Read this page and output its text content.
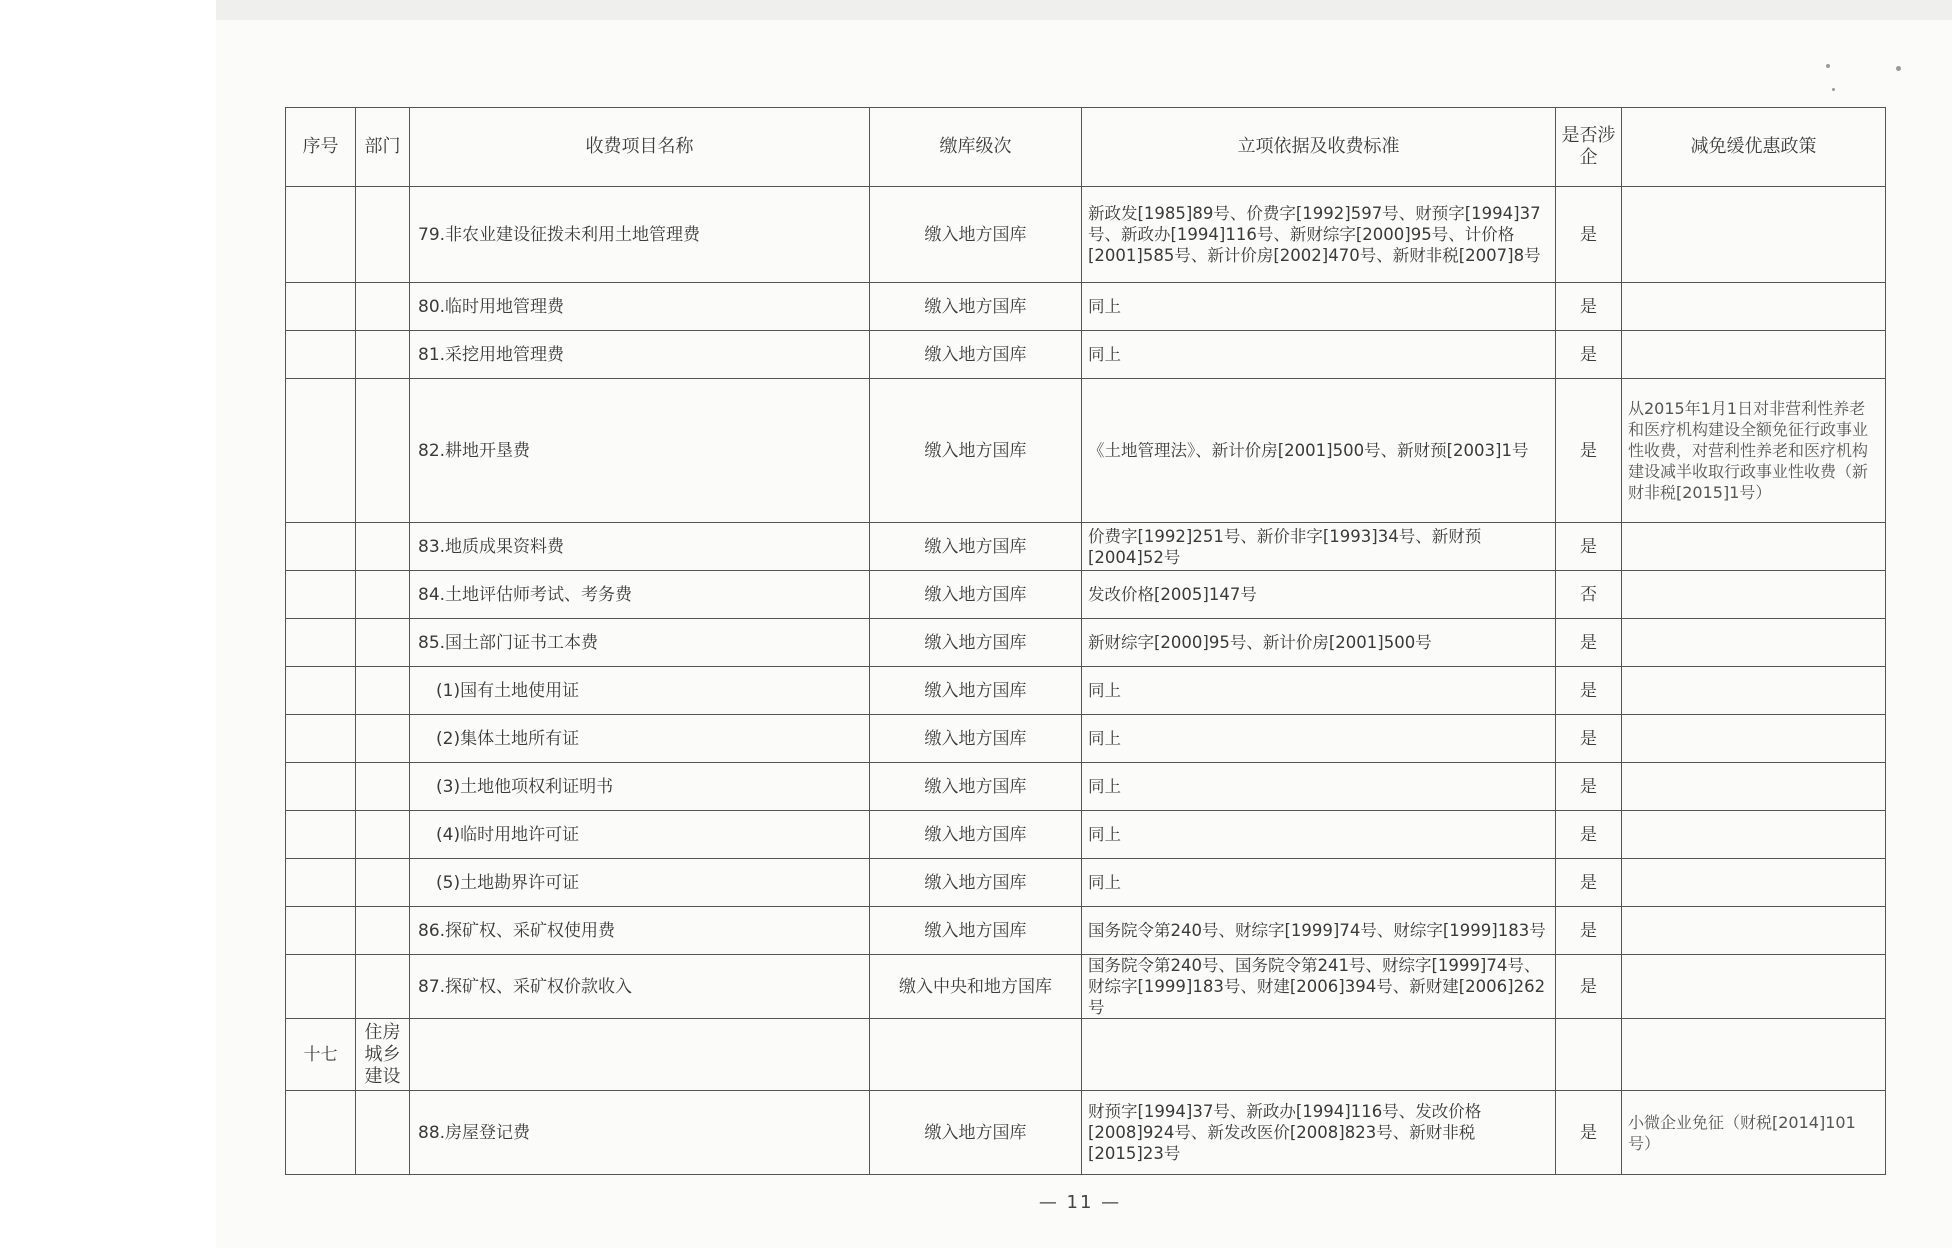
序号	部门	收费项目名称	缴库级次	立项依据及收费标准	是否涉企	减免缓优惠政策
		79.非农业建设征拨未利用土地管理费	缴入地方国库	新政发[1985]89号、价费字[1992]597号、财预字[1994]37号、新政办[1994]116号、新财综字[2000]95号、计价格[2001]585号、新计价房[2002]470号、新财非税[2007]8号	是	
		80.临时用地管理费	缴入地方国库	同上	是	
		81.采挖用地管理费	缴入地方国库	同上	是	
		82.耕地开垦费	缴入地方国库	《土地管理法》、新计价房[2001]500号、新财预[2003]1号	是	从2015年1月1日对非营利性养老和医疗机构建设全额免征行政事业性收费，对营利性养老和医疗机构建设减半收取行政事业性收费（新财非税[2015]1号）
		83.地质成果资料费	缴入地方国库	价费字[1992]251号、新价非字[1993]34号、新财预[2004]52号	是	
		84.土地评估师考试、考务费	缴入地方国库	发改价格[2005]147号	否	
		85.国土部门证书工本费	缴入地方国库	新财综字[2000]95号、新计价房[2001]500号	是	
		(1)国有土地使用证	缴入地方国库	同上	是	
		(2)集体土地所有证	缴入地方国库	同上	是	
		(3)土地他项权利证明书	缴入地方国库	同上	是	
		(4)临时用地许可证	缴入地方国库	同上	是	
		(5)土地勘界许可证	缴入地方国库	同上	是	
		86.探矿权、采矿权使用费	缴入地方国库	国务院令第240号、财综字[1999]74号、财综字[1999]183号	是	
		87.探矿权、采矿权价款收入	缴入中央和地方国库	国务院令第240号、国务院令第241号、财综字[1999]74号、财综字[1999]183号、财建[2006]394号、新财建[2006]262号	是	
十七	住房城乡建设					
		88.房屋登记费	缴入地方国库	财预字[1994]37号、新政办[1994]116号、发改价格[2008]924号、新发改医价[2008]823号、新财非税[2015]23号	是	小微企业免征（财税[2014]101号）
— 11 —
